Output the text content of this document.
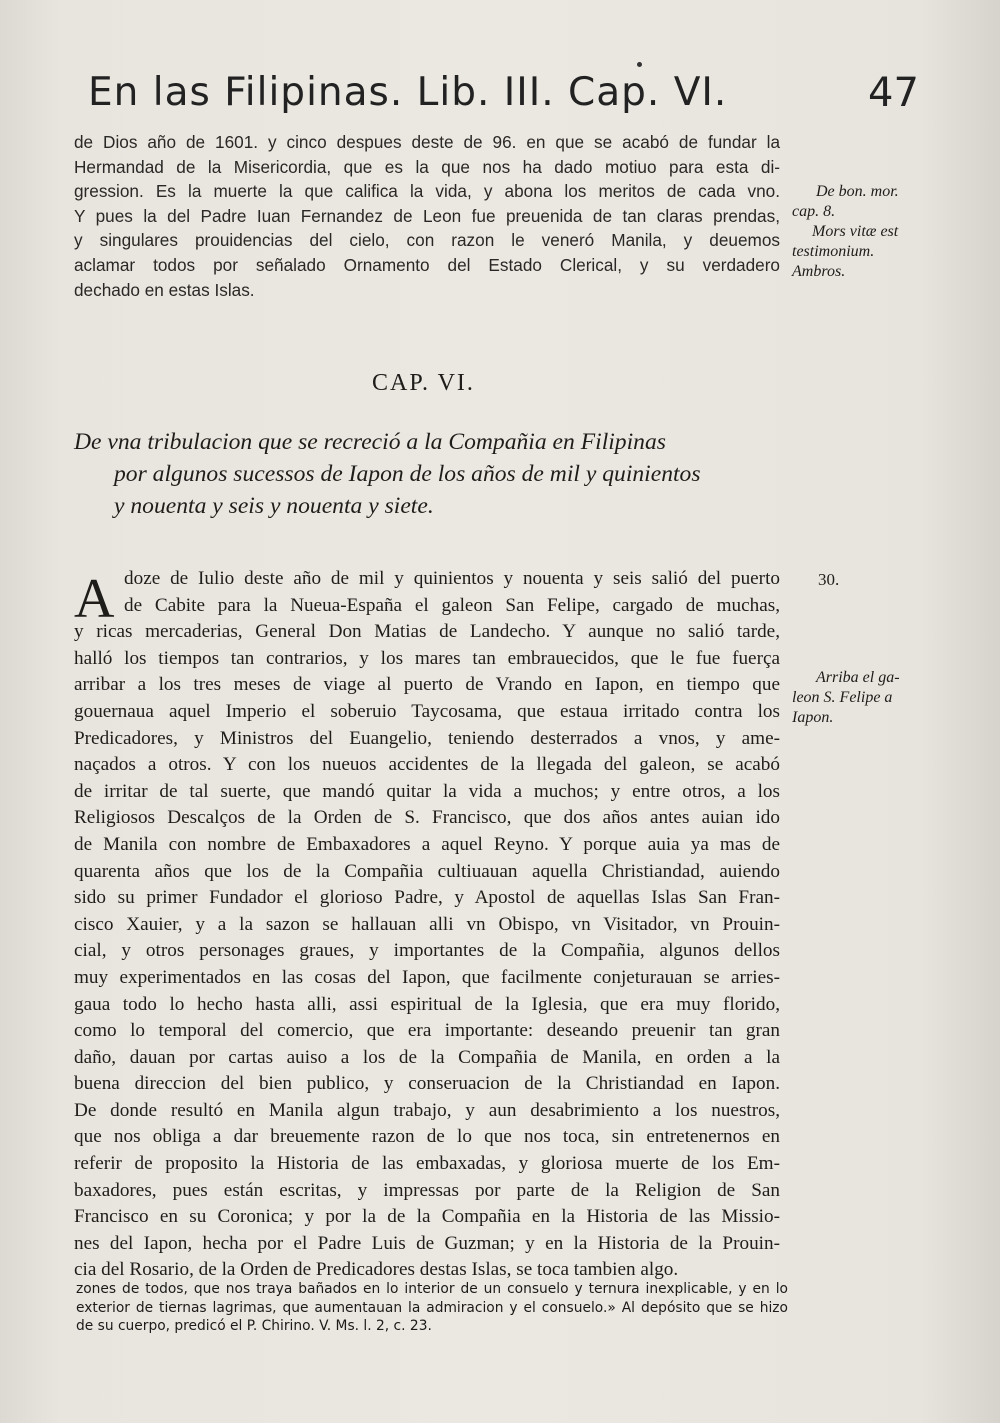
En las Filipinas. Lib. III. Cap. VI.	47
de Dios año de 1601. y cinco despues deste de 96. en que se acabó de fundar la
Hermandad de la Misericordia, que es la que nos ha dado motiuo para esta di-
gression. Es la muerte la que califica la vida, y abona los meritos de cada vno.
Y pues la del Padre Iuan Fernandez de Leon fue preuenida de tan claras prendas,
y singulares prouidencias del cielo, con razon le veneró Manila, y deuemos
aclamar todos por señalado Ornamento del Estado Clerical, y su verdadero
dechado en estas Islas.
De bon. mor.
cap. 8.
Mors vitæ est
testimonium.
Ambros.
CAP. VI.
De vna tribulacion que se recreció a la Compañia en Filipinas
por algunos sucessos de Iapon de los años de mil y quinientos
y nouenta y seis y nouenta y siete.
A doze de Iulio deste año de mil y quinientos y nouenta y seis salió del puerto
de Cabite para la Nueua-España el galeon San Felipe, cargado de muchas,
y ricas mercaderias, General Don Matias de Landecho. Y aunque no salió tarde,
halló los tiempos tan contrarios, y los mares tan embrauecidos, que le fue fuerça
arribar a los tres meses de viage al puerto de Vrando en Iapon, en tiempo que
gouernaua aquel Imperio el soberuio Taycosama, que estaua irritado contra los
Predicadores, y Ministros del Euangelio, teniendo desterrados a vnos, y ame-
naçados a otros. Y con los nueuos accidentes de la llegada del galeon, se acabó
de irritar de tal suerte, que mandó quitar la vida a muchos; y entre otros, a los
Religiosos Descalços de la Orden de S. Francisco, que dos años antes auian ido
de Manila con nombre de Embaxadores a aquel Reyno. Y porque auia ya mas de
quarenta años que los de la Compañia cultiuauan aquella Christiandad, auiendo
sido su primer Fundador el glorioso Padre, y Apostol de aquellas Islas San Fran-
cisco Xauier, y a la sazon se hallauan alli vn Obispo, vn Visitador, vn Prouin-
cial, y otros personages graues, y importantes de la Compañia, algunos dellos
muy experimentados en las cosas del Iapon, que facilmente conjeturauan se arries-
gaua todo lo hecho hasta alli, assi espiritual de la Iglesia, que era muy florido,
como lo temporal del comercio, que era importante: deseando preuenir tan gran
daño, dauan por cartas auiso a los de la Compañia de Manila, en orden a la
buena direccion del bien publico, y conseruacion de la Christiandad en Iapon.
De donde resultó en Manila algun trabajo, y aun desabrimiento a los nuestros,
que nos obliga a dar breuemente razon de lo que nos toca, sin entretenernos en
referir de proposito la Historia de las embaxadas, y gloriosa muerte de los Em-
baxadores, pues están escritas, y impressas por parte de la Religion de San
Francisco en su Coronica; y por la de la Compañia en la Historia de las Missio-
nes del Iapon, hecha por el Padre Luis de Guzman; y en la Historia de la Prouin-
cia del Rosario, de la Orden de Predicadores destas Islas, se toca tambien algo.
30.
Arriba el ga-
leon S. Felipe a
Iapon.
zones de todos, que nos traya bañados en lo interior de un consuelo y ternura inexplicable, y en lo
exterior de tiernas lagrimas, que aumentauan la admiracion y el consuelo.» Al depósito que se hizo
de su cuerpo, predicó el P. Chirino. V. Ms. l. 2, c. 23.
